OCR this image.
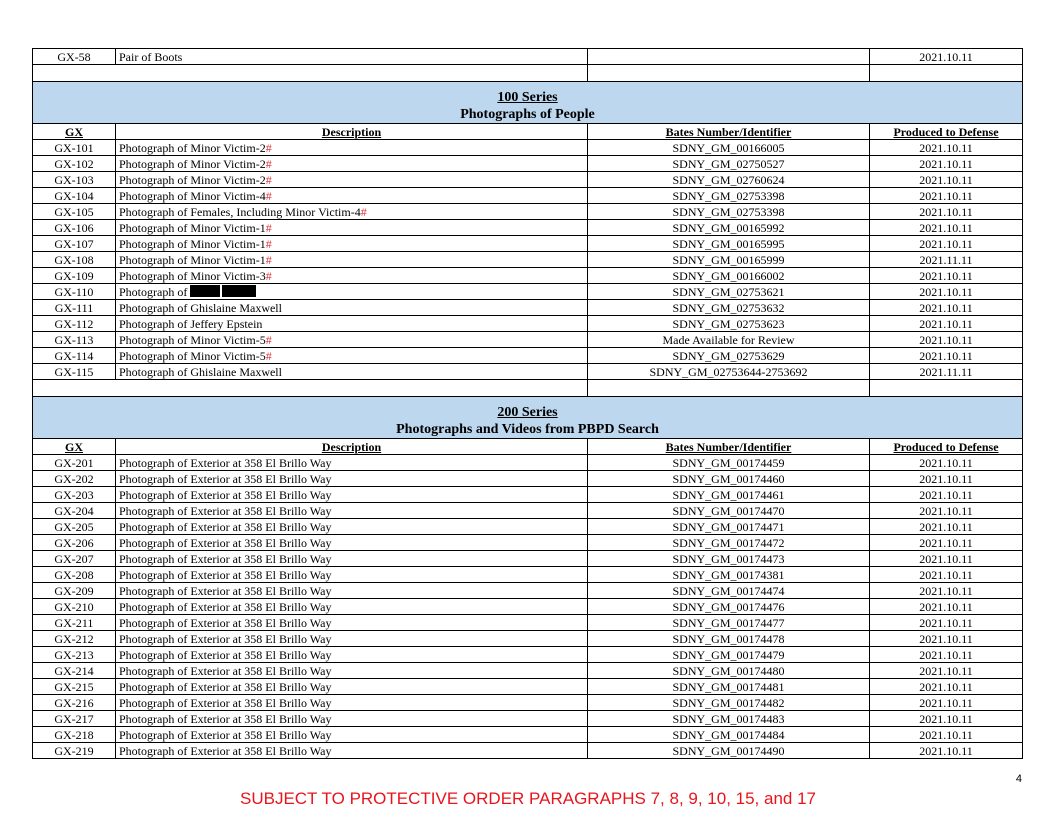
GX-58	Pair of Boots		2021.10.11

100 Series
Photographs of People			

GX	Description	Bates Number/Identifier	Produced to Defense
GX-101	Photograph of Minor Victim-2#	SDNY_GM_00166005	2021.10.11
GX-102	Photograph of Minor Victim-2#	SDNY_GM_02750527	2021.10.11
GX-103	Photograph of Minor Victim-2#	SDNY_GM_02760624	2021.10.11
GX-104	Photograph of Minor Victim-4#	SDNY_GM_02753398	2021.10.11
GX-105	Photograph of Females, Including Minor Victim-4#	SDNY_GM_02753398	2021.10.11
GX-106	Photograph of Minor Victim-1#	SDNY_GM_00165992	2021.10.11
GX-107	Photograph of Minor Victim-1#	SDNY_GM_00165995	2021.10.11
GX-108	Photograph of Minor Victim-1#	SDNY_GM_00165999	2021.11.11
GX-109	Photograph of Minor Victim-3#	SDNY_GM_00166002	2021.10.11
GX-110	Photograph of	SDNY_GM_02753621	2021.10.11
GX-111	Photograph of Ghislaine Maxwell	SDNY_GM_02753632	2021.10.11
GX-112	Photograph of Jeffery Epstein	SDNY_GM_02753623	2021.10.11
GX-113	Photograph of Minor Victim-5#	Made Available for Review	2021.10.11
GX-114	Photograph of Minor Victim-5#	SDNY_GM_02753629	2021.10.11
GX-115	Photograph of Ghislaine Maxwell	SDNY_GM_02753644-2753692	2021.11.11

200 Series
Photographs and Videos from PBPD Search			

GX	Description	Bates Number/Identifier	Produced to Defense
GX-201	Photograph of Exterior at 358 El Brillo Way	SDNY_GM_00174459	2021.10.11
GX-202	Photograph of Exterior at 358 El Brillo Way	SDNY_GM_00174460	2021.10.11
GX-203	Photograph of Exterior at 358 El Brillo Way	SDNY_GM_00174461	2021.10.11
GX-204	Photograph of Exterior at 358 El Brillo Way	SDNY_GM_00174470	2021.10.11
GX-205	Photograph of Exterior at 358 El Brillo Way	SDNY_GM_00174471	2021.10.11
GX-206	Photograph of Exterior at 358 El Brillo Way	SDNY_GM_00174472	2021.10.11
GX-207	Photograph of Exterior at 358 El Brillo Way	SDNY_GM_00174473	2021.10.11
GX-208	Photograph of Exterior at 358 El Brillo Way	SDNY_GM_00174381	2021.10.11
GX-209	Photograph of Exterior at 358 El Brillo Way	SDNY_GM_00174474	2021.10.11
GX-210	Photograph of Exterior at 358 El Brillo Way	SDNY_GM_00174476	2021.10.11
GX-211	Photograph of Exterior at 358 El Brillo Way	SDNY_GM_00174477	2021.10.11
GX-212	Photograph of Exterior at 358 El Brillo Way	SDNY_GM_00174478	2021.10.11
GX-213	Photograph of Exterior at 358 El Brillo Way	SDNY_GM_00174479	2021.10.11
GX-214	Photograph of Exterior at 358 El Brillo Way	SDNY_GM_00174480	2021.10.11
GX-215	Photograph of Exterior at 358 El Brillo Way	SDNY_GM_00174481	2021.10.11
GX-216	Photograph of Exterior at 358 El Brillo Way	SDNY_GM_00174482	2021.10.11
GX-217	Photograph of Exterior at 358 El Brillo Way	SDNY_GM_00174483	2021.10.11
GX-218	Photograph of Exterior at 358 El Brillo Way	SDNY_GM_00174484	2021.10.11
GX-219	Photograph of Exterior at 358 El Brillo Way	SDNY_GM_00174490	2021.10.11
4
SUBJECT TO PROTECTIVE ORDER PARAGRAPHS 7, 8, 9, 10, 15, and 17
